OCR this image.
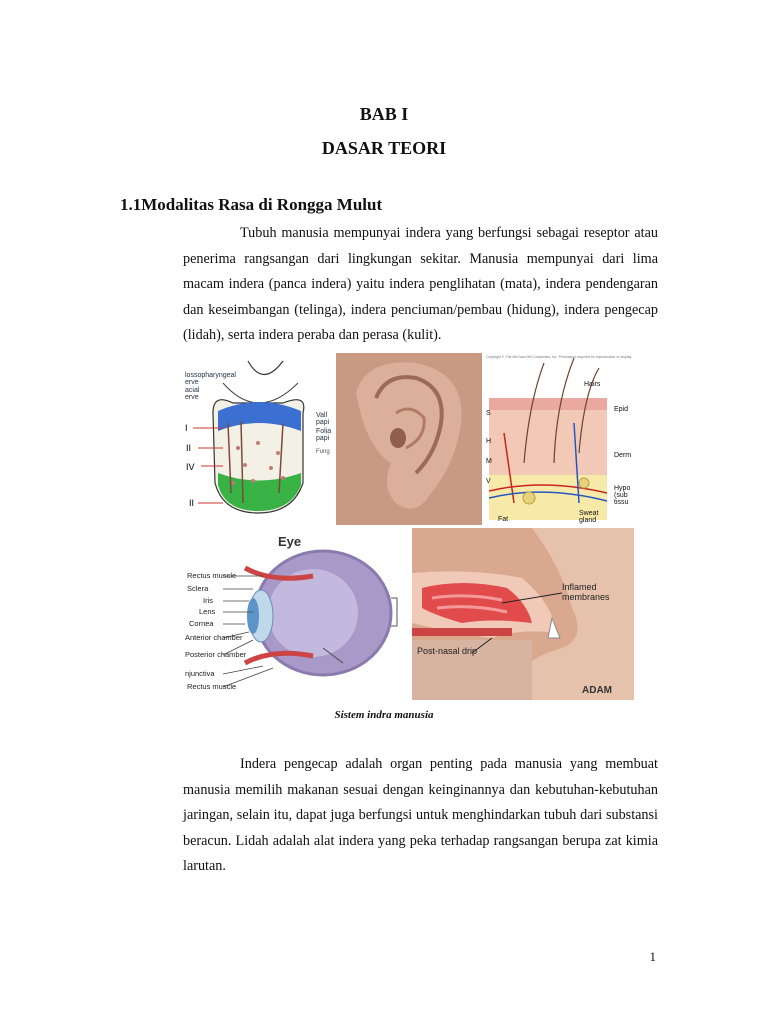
BAB I
DASAR TEORI
1.1Modalitas Rasa di Rongga Mulut

Tubuh manusia mempunyai indera yang berfungsi sebagai reseptor atau penerima rangsangan dari lingkungan sekitar. Manusia mempunyai dari lima macam indera (panca indera) yaitu indera penglihatan (mata), indera pendengaran dan keseimbangan (telinga), indera penciuman/pembau (hidung), indera pengecap (lidah), serta indera peraba dan perasa (kulit).

lossopharyngeal
erve
acial
erve
Vall
papi
Folia
papi
Fung
I
II
IV
II
Copyright © The McGraw-Hill Companies, Inc. Permission required for reproduction or display.
Hairs
Epid
Derm
Hypo
(sub
tissu
Fat
Sweat
gland
S
H
M
V
Eye
Rectus muscle
Sclera
Iris
Lens
Cornea
Anterior chamber
Posterior chamber
njunctiva
Rectus muscle
Inflamed
membranes
Post-nasal drip
ADAM
Sistem indra manusia

Indera pengecap adalah organ penting pada manusia yang membuat manusia memilih makanan sesuai dengan keinginannya dan kebutuhan-kebutuhan jaringan, selain itu, dapat juga berfungsi untuk menghindarkan tubuh dari substansi beracun. Lidah adalah alat indera yang peka terhadap rangsangan berupa zat kimia larutan.

1
